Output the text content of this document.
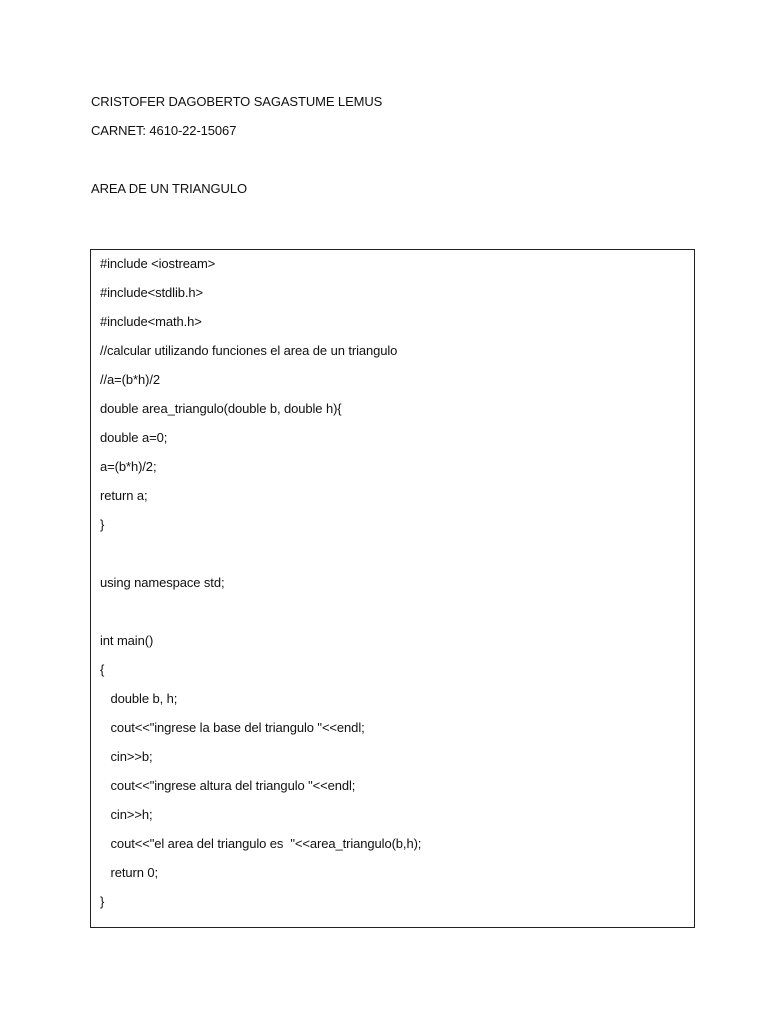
CRISTOFER DAGOBERTO SAGASTUME LEMUS
CARNET: 4610-22-15067
AREA DE UN TRIANGULO
#include <iostream>
#include<stdlib.h>
#include<math.h>
//calcular utilizando funciones el area de un triangulo
//a=(b*h)/2
double area_triangulo(double b, double h){
double a=0;
a=(b*h)/2;
return a;
}
using namespace std;
int main()
{
double b, h;
cout<<"ingrese la base del triangulo "<<endl;
cin>>b;
cout<<"ingrese altura del triangulo "<<endl;
cin>>h;
cout<<"el area del triangulo es  "<<area_triangulo(b,h);
return 0;
}
